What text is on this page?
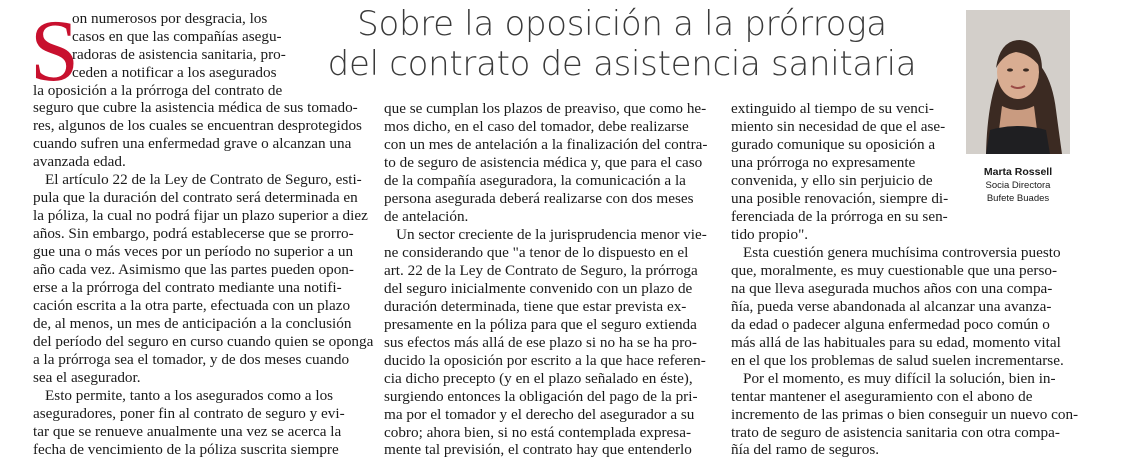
Sobre la oposición a la prórroga
del contrato de asistencia sanitaria
S
on numerosos por desgracia, los
casos en que las compañías asegu-
radoras de asistencia sanitaria, pro-
ceden a notificar a los asegurados
la oposición a la prórroga del contrato de
seguro que cubre la asistencia médica de sus tomado-
res, algunos de los cuales se encuentran desprotegidos
cuando sufren una enfermedad grave o alcanzan una
avanzada edad.
El artículo 22 de la Ley de Contrato de Seguro, esti-
pula que la duración del contrato será determinada en
la póliza, la cual no podrá fijar un plazo superior a diez
años. Sin embargo, podrá establecerse que se prorro-
gue una o más veces por un período no superior a un
año cada vez. Asimismo que las partes pueden opon-
erse a la prórroga del contrato mediante una notifi-
cación escrita a la otra parte, efectuada con un plazo
de, al menos, un mes de anticipación a la conclusión
del período del seguro en curso cuando quien se oponga
a la prórroga sea el tomador, y de dos meses cuando
sea el asegurador.
Esto permite, tanto a los asegurados como a los
aseguradores, poner fin al contrato de seguro y evi-
tar que se renueve anualmente una vez se acerca la
fecha de vencimiento de la póliza suscrita siempre
que se cumplan los plazos de preaviso, que como he-
mos dicho, en el caso del tomador, debe realizarse
con un mes de antelación a la finalización del contra-
to de seguro de asistencia médica y, que para el caso
de la compañía aseguradora, la comunicación a la
persona asegurada deberá realizarse con dos meses
de antelación.
Un sector creciente de la jurisprudencia menor vie-
ne considerando que "a tenor de lo dispuesto en el
art. 22 de la Ley de Contrato de Seguro, la prórroga
del seguro inicialmente convenido con un plazo de
duración determinada, tiene que estar prevista ex-
presamente en la póliza para que el seguro extienda
sus efectos más allá de ese plazo si no ha se ha pro-
ducido la oposición por escrito a la que hace referen-
cia dicho precepto (y en el plazo señalado en éste),
surgiendo entonces la obligación del pago de la pri-
ma por el tomador y el derecho del asegurador a su
cobro; ahora bien, si no está contemplada expresa-
mente tal previsión, el contrato hay que entenderlo
extinguido al tiempo de su venci-
miento sin necesidad de que el ase-
gurado comunique su oposición a
una prórroga no expresamente
convenida, y ello sin perjuicio de
una posible renovación, siempre di-
ferenciada de la prórroga en su sen-
tido propio".
Esta cuestión genera muchísima controversia puesto
que, moralmente, es muy cuestionable que una perso-
na que lleva asegurada muchos años con una compa-
ñía, pueda verse abandonada al alcanzar una avanza-
da edad o padecer alguna enfermedad poco común o
más allá de las habituales para su edad, momento vital
en el que los problemas de salud suelen incrementarse.
Por el momento, es muy difícil la solución, bien in-
tentar mantener el aseguramiento con el abono de
incremento de las primas o bien conseguir un nuevo con-
trato de seguro de asistencia sanitaria con otra compa-
ñía del ramo de seguros.
Marta Rossell
Socia Directora
Bufete Buades
